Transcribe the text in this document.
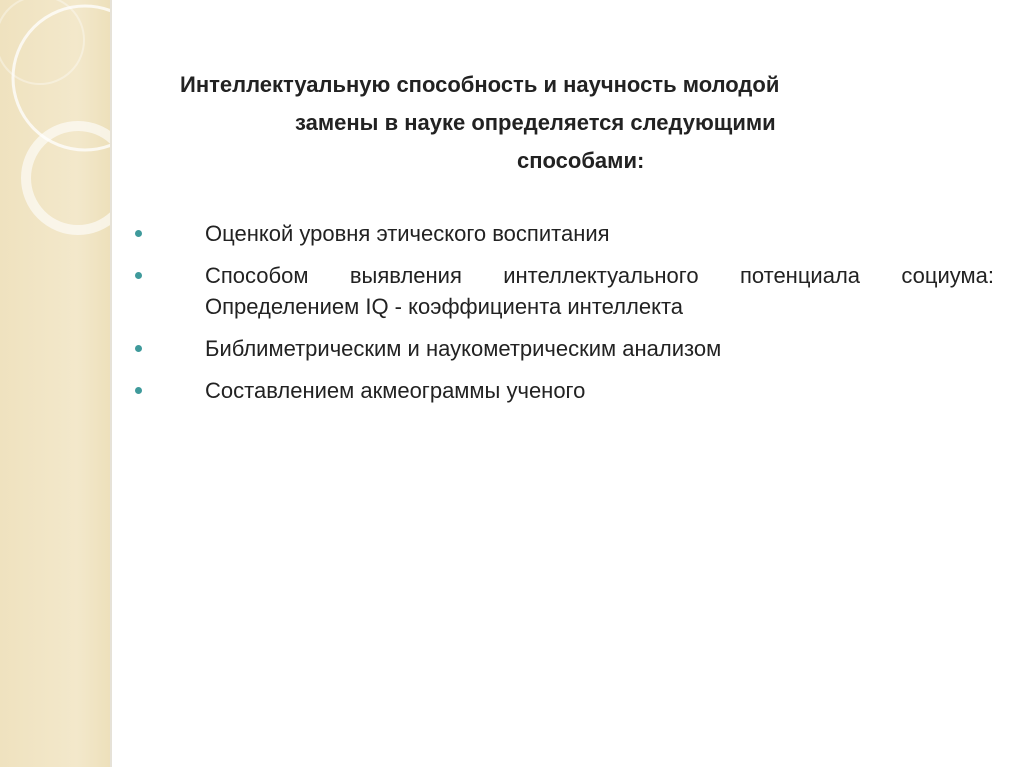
Интеллектуальную способность и научность молодой
замены в науке определяется следующими
способами:
Оценкой уровня этического воспитания
Способом выявления интеллектуального потенциала социума: Определением IQ - коэффициента интеллекта
Библиметрическим и наукометрическим анализом
Составлением акмеограммы ученого
